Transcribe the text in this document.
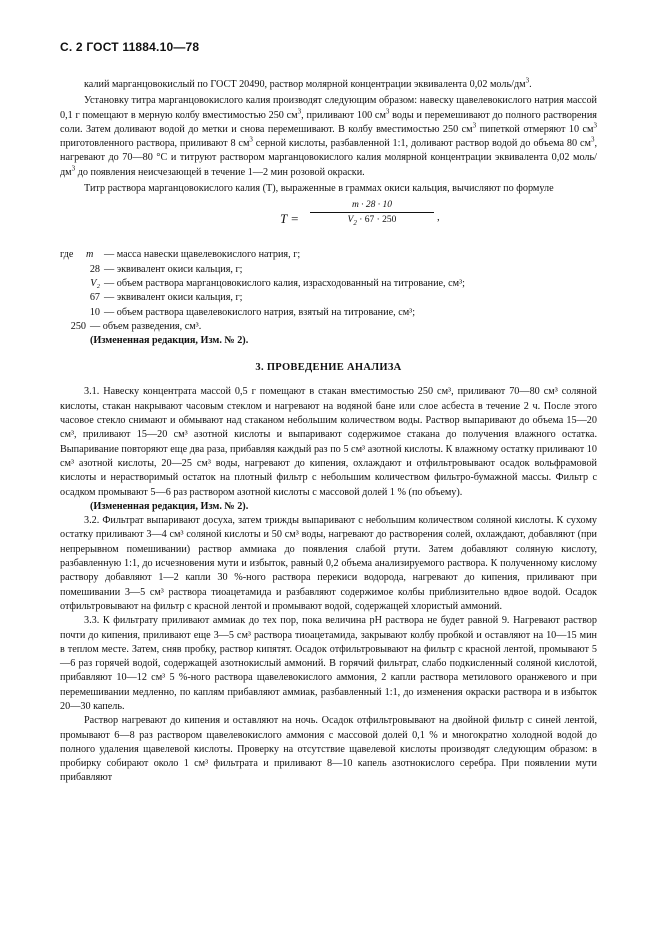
С. 2 ГОСТ 11884.10—78

калий марганцовокислый по ГОСТ 20490, раствор молярной концентрации эквивалента 0,02 моль/$дм^3$.

Установку титра марганцовокислого калия производят следующим образом: навеску щавелевокислого натрия массой 0,1 г помещают в мерную колбу вместимостью 250 $см^3$, приливают 100 $см^3$ воды и перемешивают до полного растворения соли. Затем доливают водой до метки и снова перемешивают. В колбу вместимостью 250 $см^3$ пипеткой отмеряют 10 $см^3$ приготовленного раствора, приливают 8 $см^3$ серной кислоты, разбавленной 1:1, доливают раствор водой до объема 80 $см^3$, нагревают до 70—80 °С и титруют раствором марганцовокислого калия молярной концентрации эквивалента 0,02 моль/$дм^3$ до появления неисчезающей в течение 1—2 мин розовой окраски.

Титр раствора марганцовокислого калия (T), выраженные в граммах окиси кальция, вычисляют по формуле

$T = \frac{m \cdot 28 \cdot 10}{V_2 \cdot 67 \cdot 250}$ ,
где	m	— масса навески щавелевокислого натрия, г;
28 — эквивалент окиси кальция, г;
V₂ — объем раствора марганцовокислого калия, израсходованный на титрование, см³;
67 — эквивалент окиси кальция, г;
10 — объем раствора щавелевокислого натрия, взятый на титрование, см³;
250 — объем разведения, см³.
(Измененная редакция, Изм. № 2).
3. ПРОВЕДЕНИЕ АНАЛИЗА

3.1. Навеску концентрата массой 0,5 г помещают в стакан вместимостью 250 см³, приливают 70—80 см³ соляной кислоты, стакан накрывают часовым стеклом и нагревают на водяной бане или слое асбеста в течение 2 ч. После этого часовое стекло снимают и обмывают над стаканом небольшим количеством воды. Раствор выпаривают до объема 15—20 см³, приливают 15—20 см³ азотной кислоты и выпаривают содержимое стакана до получения влажного остатка. Выпаривание повторяют еще два раза, прибавляя каждый раз по 5 см³ азотной кислоты. К влажному остатку приливают 10 см³ азотной кислоты, 20—25 см³ воды, нагревают до кипения, охлаждают и отфильтровывают осадок вольфрамовой кислоты и нерастворимый остаток на плотный фильтр с небольшим количеством фильтро-бумажной массы. Фильтр с осадком промывают 5—6 раз раствором азотной кислоты с массовой долей 1 % (по объему).

(Измененная редакция, Изм. № 2).

3.2. Фильтрат выпаривают досуха, затем трижды выпаривают с небольшим количеством соляной кислоты. К сухому остатку приливают 3—4 см³ соляной кислоты и 50 см³ воды, нагревают до растворения солей, охлаждают, добавляют (при непрерывном помешивании) раствор аммиака до появления слабой ртути. Затем добавляют соляную кислоту, разбавленную 1:1, до исчезновения мути и избыток, равный 0,2 объема анализируемого раствора. К полученному кислому раствору добавляют 1—2 капли 30 %-ного раствора перекиси водорода, нагревают до кипения, приливают при помешивании 3—5 см³ раствора тиоацетамида и разбавляют содержимое колбы приблизительно вдвое водой. Осадок отфильтровывают на фильтр с красной лентой и промывают водой, содержащей хлористый аммоний.

3.3. К фильтрату приливают аммиак до тех пор, пока величина pH раствора не будет равной 9. Нагревают раствор почти до кипения, приливают еще 3—5 см³ раствора тиоацетамида, закрывают колбу пробкой и оставляют на 10—15 мин в теплом месте. Затем, сняв пробку, раствор кипятят. Осадок отфильтровывают на фильтр с красной лентой, промывают 5—6 раз горячей водой, содержащей азотнокислый аммоний. В горячий фильтрат, слабо подкисленный соляной кислотой, прибавляют 10—12 см³ 5 %-ного раствора щавелевокислого аммония, 2 капли раствора метилового оранжевого и при перемешивании медленно, по каплям прибавляют аммиак, разбавленный 1:1, до изменения окраски раствора и в избыток 20—30 капель.

Раствор нагревают до кипения и оставляют на ночь. Осадок отфильтровывают на двойной фильтр с синей лентой, промывают 6—8 раз раствором щавелевокислого аммония с массовой долей 0,1 % и многократно холодной водой до полного удаления щавелевой кислоты. Проверку на отсутствие щавелевой кислоты производят следующим образом: в пробирку собирают около 1 см³ фильтрата и приливают 8—10 капель азотнокислого серебра. При появлении мути прибавляют
